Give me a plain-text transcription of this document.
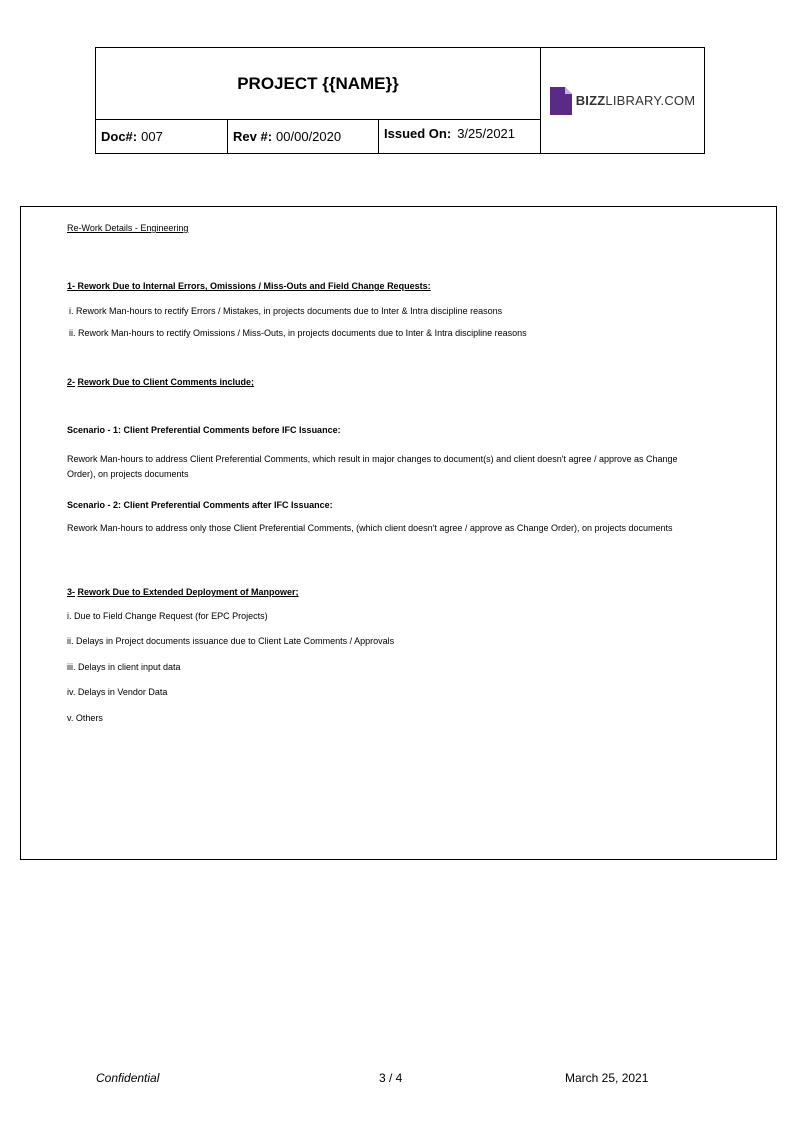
PROJECT {{NAME}}
BIZZLIBRARY.COM
Doc#: 007	Rev #: 00/00/2020	Issued On: 3/25/2021
Re-Work Details - Engineering
1- Rework Due to Internal Errors, Omissions / Miss-Outs and Field Change Requests:
i. Rework Man-hours to rectify Errors / Mistakes, in projects documents due to Inter & Intra discipline reasons
ii. Rework Man-hours to rectify Omissions / Miss-Outs, in projects documents due to Inter & Intra discipline reasons
2- Rework Due to Client Comments include;
Scenario - 1: Client Preferential Comments before IFC Issuance:
Rework Man-hours to address Client Preferential Comments, which result in major changes to document(s) and client doesn't agree / approve as Change Order), on projects documents
Scenario - 2: Client Preferential Comments after IFC Issuance:
Rework Man-hours to address only those Client Preferential Comments, (which client doesn't agree / approve as Change Order), on projects documents
3- Rework Due to Extended Deployment of Manpower;
i. Due to Field Change Request (for EPC Projects)
ii. Delays in Project documents issuance due to Client Late Comments / Approvals
iii. Delays in client input data
iv. Delays in Vendor Data
v. Others
Confidential	3 / 4	March 25, 2021
